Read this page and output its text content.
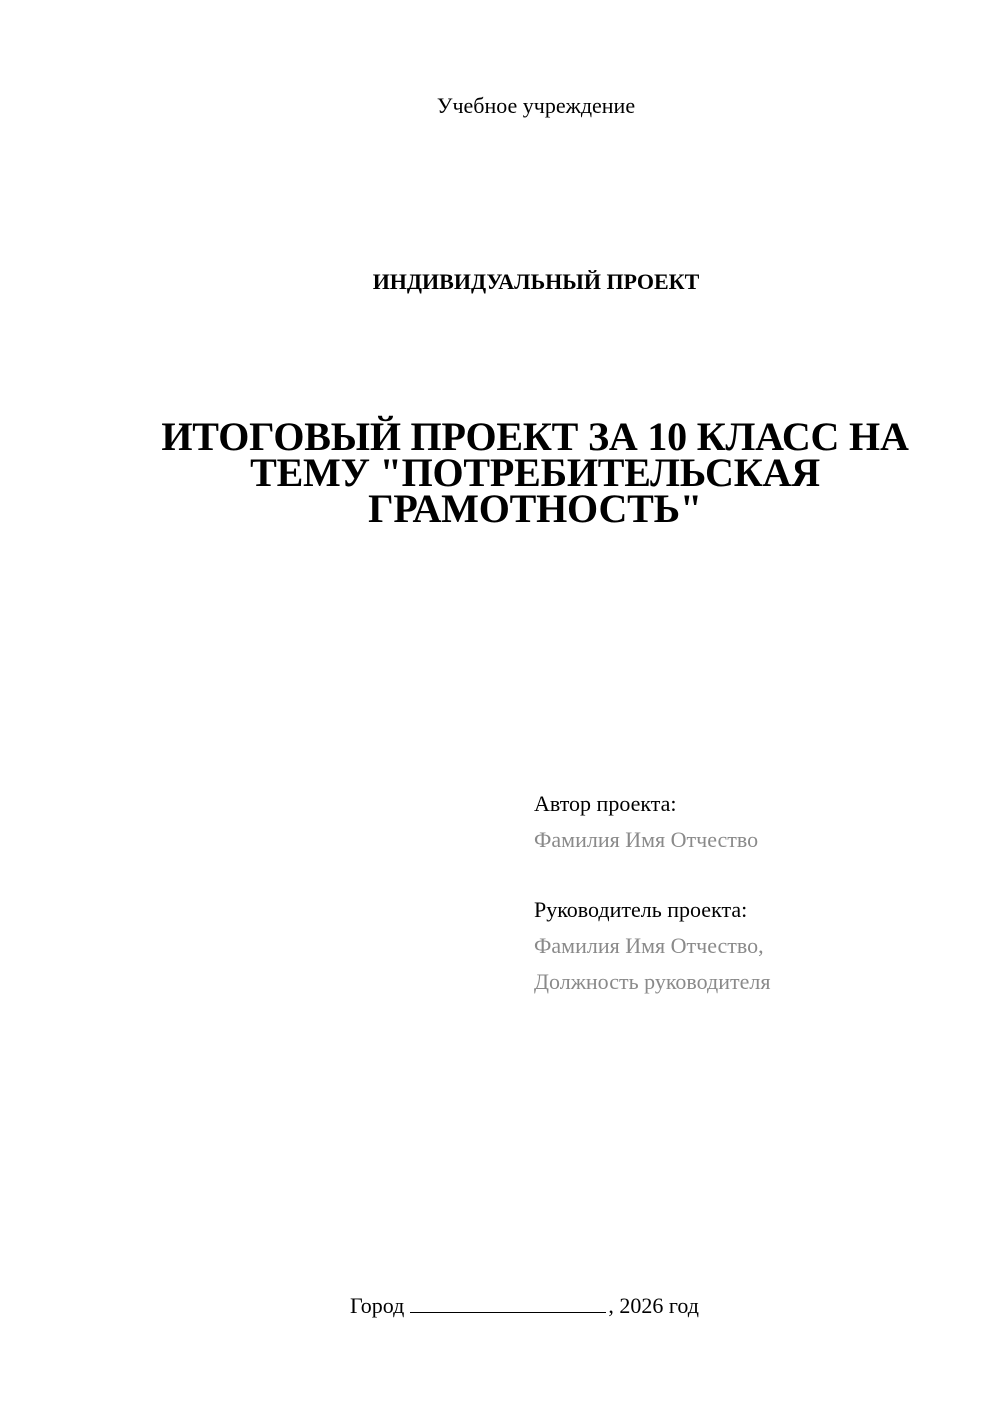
Учебное учреждение
ИНДИВИДУАЛЬНЫЙ ПРОЕКТ
ИТОГОВЫЙ ПРОЕКТ ЗА 10 КЛАСС НА
ТЕМУ "ПОТРЕБИТЕЛЬСКАЯ
ГРАМОТНОСТЬ"
Автор проекта:
Фамилия Имя Отчество
Руководитель проекта:
Фамилия Имя Отчество,
Должность руководителя
Город	, 2026 год
